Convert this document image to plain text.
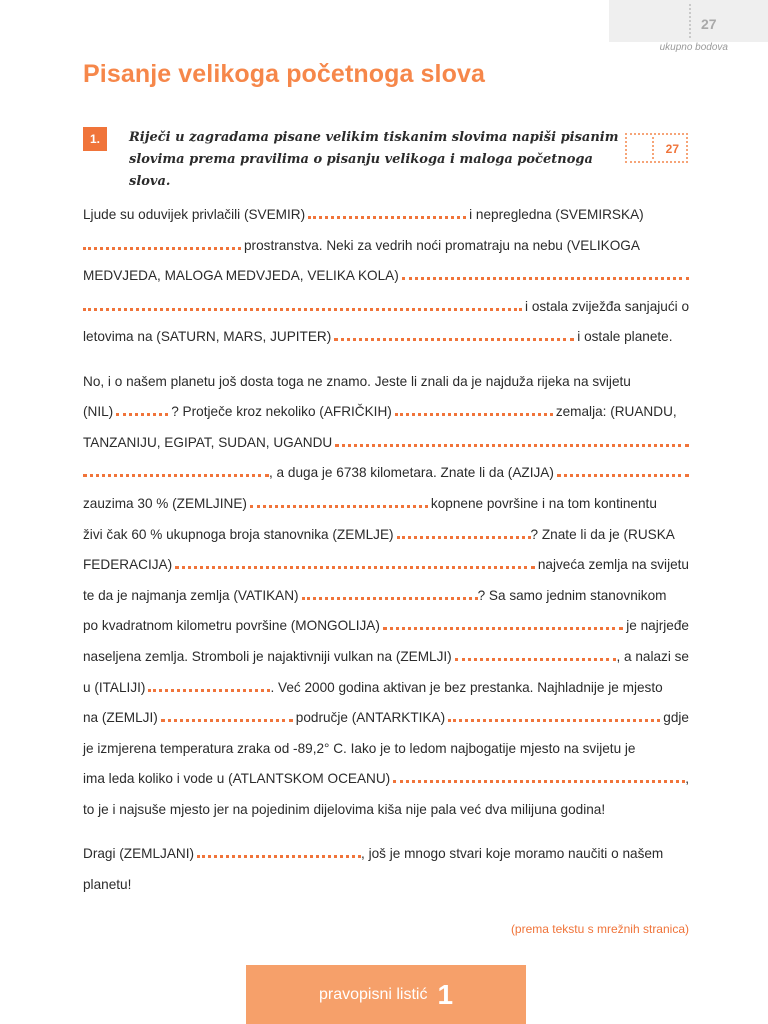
27
ukupno bodova
Pisanje velikoga početnoga slova
1.	Riječi u zagradama pisane velikim tiskanim slovima napiši pisanim slovima prema pravilima o pisanju velikoga i maloga početnoga slova.
27
Ljude su oduvijek privlačili (SVEMIR)	i nepregledna (SVEMIRSKA)
prostranstva. Neki za vedrih noći promatraju na nebu (VELIKOGA
MEDVJEDA, MALOGA MEDVJEDA, VELIKA KOLA)
i ostala zviježđa sanjajući o
letovima na (SATURN, MARS, JUPITER)	i ostale planete.
No, i o našem planetu još dosta toga ne znamo. Jeste li znali da je najduža rijeka na svijetu
(NIL)	? Protječe kroz nekoliko (AFRIČKIH)	zemalja: (RUANDU,
TANZANIJU, EGIPAT, SUDAN, UGANDU
, a duga je 6738 kilometara. Znate li da (AZIJA)
zauzima 30 % (ZEMLJINE)	kopnene površine i na tom kontinentu
živi čak 60 % ukupnoga broja stanovnika (ZEMLJE)	? Znate li da je (RUSKA
FEDERACIJA)	najveća zemlja na svijetu
te da je najmanja zemlja (VATIKAN)	? Sa samo jednim stanovnikom
po kvadratnom kilometru površine (MONGOLIJA)	je najrjeđe
naseljena zemlja. Stromboli je najaktivniji vulkan na (ZEMLJI)	, a nalazi se
u (ITALIJI)	. Već 2000 godina aktivan je bez prestanka. Najhladnije je mjesto
na (ZEMLJI)	područje (ANTARKTIKA)	gdje
je izmjerena temperatura zraka od -89,2° C. Iako je to ledom najbogatije mjesto na svijetu je
ima leda koliko i vode u (ATLANTSKOM OCEANU)	,
to je i najsuše mjesto jer na pojedinim dijelovima kiša nije pala već dva milijuna godina!
Dragi (ZEMLJANI)	, još je mnogo stvari koje moramo naučiti o našem
planetu!
(prema tekstu s mrežnih stranica)
pravopisni listić 1
